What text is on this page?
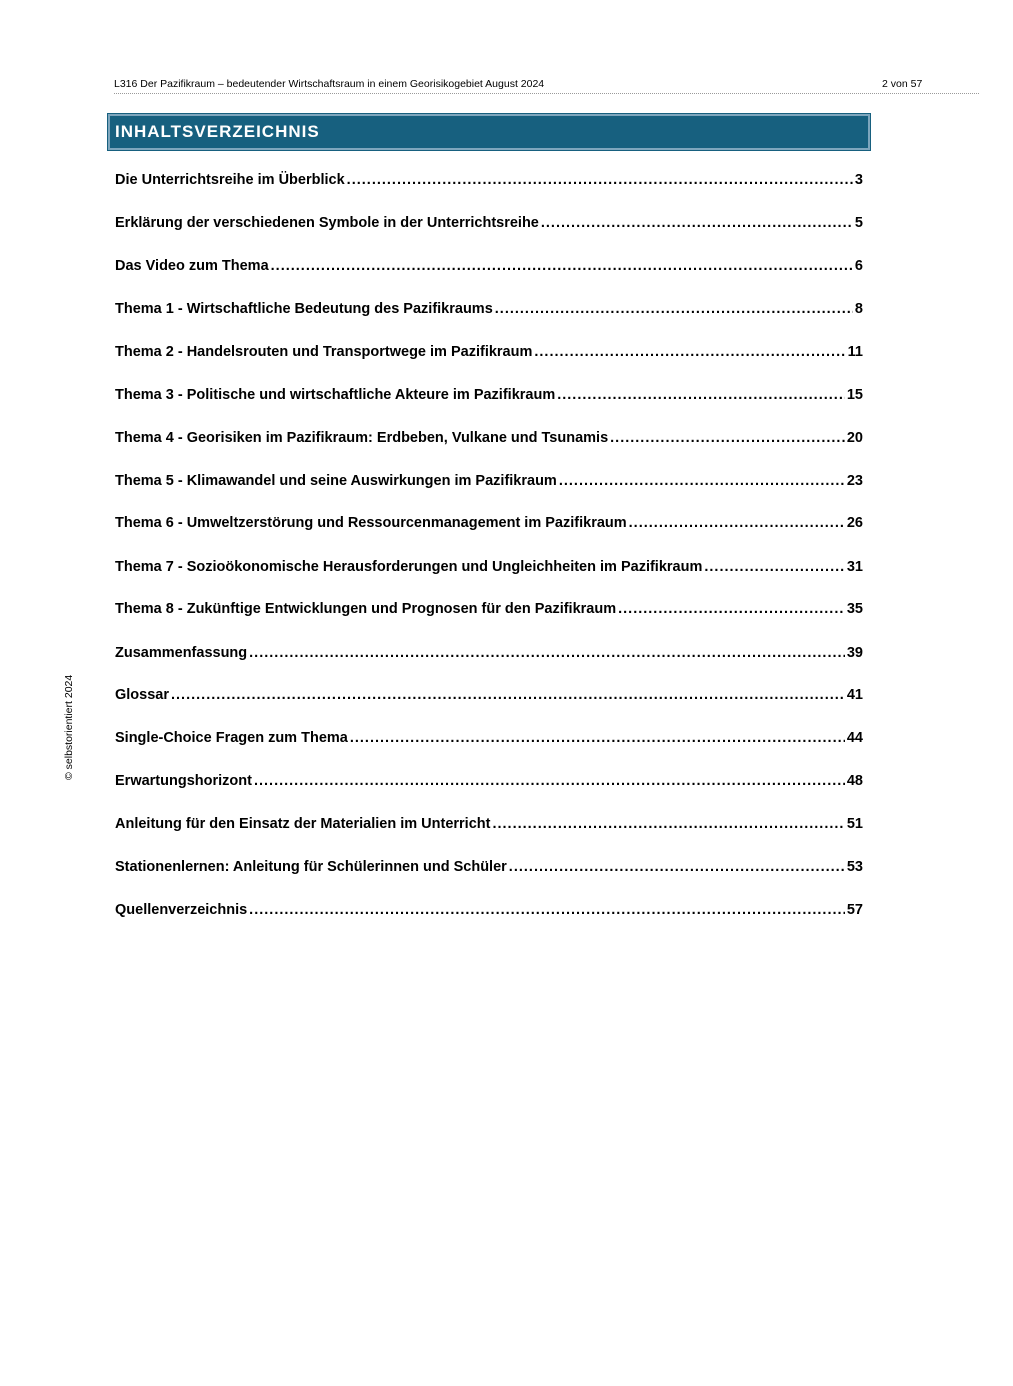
L316 Der Pazifikraum – bedeutender Wirtschaftsraum in einem Georisikogebiet August 2024	2 von 57
INHALTSVERZEICHNIS
Die Unterrichtsreihe im Überblick .....	3
Erklärung der verschiedenen Symbole in der Unterrichtsreihe .....	5
Das Video zum Thema .....	6
Thema 1 - Wirtschaftliche Bedeutung des Pazifikraums .....	8
Thema 2 - Handelsrouten und Transportwege im Pazifikraum .....	11
Thema 3 - Politische und wirtschaftliche Akteure im Pazifikraum .....	15
Thema 4 - Georisiken im Pazifikraum: Erdbeben, Vulkane und Tsunamis .....	20
Thema 5 - Klimawandel und seine Auswirkungen im Pazifikraum .....	23
Thema 6 - Umweltzerstörung und Ressourcenmanagement im Pazifikraum .....	26
Thema 7 - Sozioökonomische Herausforderungen und Ungleichheiten im Pazifikraum .....	31
Thema 8 - Zukünftige Entwicklungen und Prognosen für den Pazifikraum .....	35
Zusammenfassung .....	39
Glossar .....	41
Single-Choice Fragen zum Thema .....	44
Erwartungshorizont .....	48
Anleitung für den Einsatz der Materialien im Unterricht .....	51
Stationenlernen: Anleitung für Schülerinnen und Schüler .....	53
Quellenverzeichnis .....	57
© selbstorientiert 2024
